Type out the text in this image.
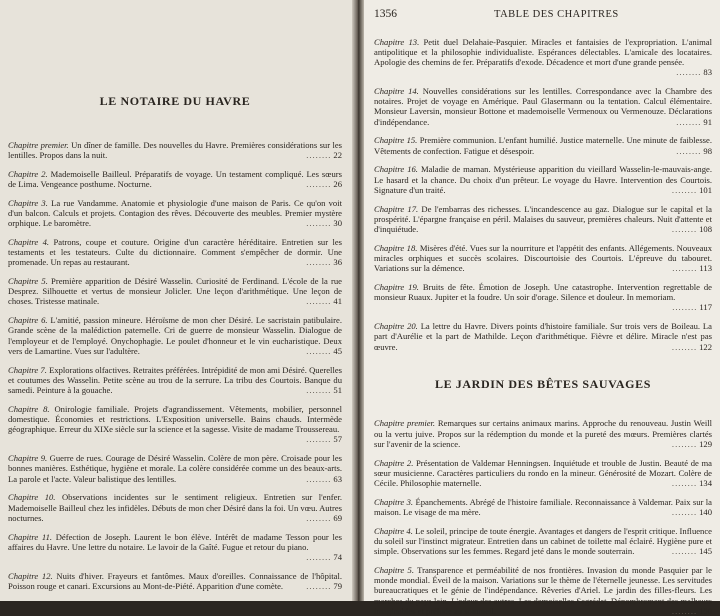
LE NOTAIRE DU HAVRE

Chapitre premier. Un dîner de famille. Des nouvelles du Havre. Premières considérations sur les lentilles. Propos dans la nuit.	..... 22

Chapitre 2. Mademoiselle Bailleul. Préparatifs de voyage. Un testament compliqué. Les sœurs de Lima. Vengeance posthume. Nocturne.	..... 26

Chapitre 3. La rue Vandamme. Anatomie et physiologie d'une maison de Paris. Ce qu'on voit d'un balcon. Calculs et projets. Contagion des rêves. Découverte des meubles. Premier mystère orphique. Le baromètre.	..... 30

Chapitre 4. Patrons, coupe et couture. Origine d'un caractère héréditaire. Entretien sur les testaments et les testateurs. Culte du dictionnaire. Comment s'empêcher de dormir. Une promenade. Un repas au restaurant.	..... 36

Chapitre 5. Première apparition de Désiré Wasselin. Curiosité de Ferdinand. L'école de la rue Desprez. Silhouette et vertus de monsieur Jolicler. Une leçon d'arithmétique. Une leçon de choses. Tristesse matinale.	..... 41

Chapitre 6. L'amitié, passion mineure. Héroïsme de mon cher Désiré. Le sacristain patibulaire. Grande scène de la malédiction paternelle. Cri de guerre de monsieur Wasselin. Dialogue de l'employeur et de l'employé. Onychophagie. Le poulet d'honneur et le vin eucharistique. Deux vers de Lamartine. Vues sur l'adultère.	..... 45

Chapitre 7. Explorations olfactives. Retraites préférées. Intrépidité de mon ami Désiré. Querelles et coutumes des Wasselin. Petite scène au trou de la serrure. La tribu des Courtois. Banque du samedi. Peinture à la gouache.	..... 51

Chapitre 8. Onirologie familiale. Projets d'agrandissement. Vêtements, mobilier, personnel domestique. Économies et restrictions. L'Exposition universelle. Bains chauds. Intermède géographique. Erreur du XIXe siècle sur la science et la sagesse. Visite de madame Troussereau.
..... 57

Chapitre 9. Guerre de rues. Courage de Désiré Wasselin. Colère de mon père. Croisade pour les bonnes manières. Esthétique, hygiène et morale. La colère considérée comme un des beaux-arts. La parole et l'acte. Valeur balistique des lentilles.	..... 63

Chapitre 10. Observations incidentes sur le sentiment religieux. Entretien sur l'enfer. Mademoiselle Bailleul chez les infidèles. Débuts de mon cher Désiré dans la foi. Un vœu. Autres nocturnes.	..... 69

Chapitre 11. Défection de Joseph. Laurent le bon élève. Intérêt de madame Tesson pour les affaires du Havre. Une lettre du notaire. Le lavoir de la Gaîté. Fugue et retour du piano.
..... 74

Chapitre 12. Nuits d'hiver. Frayeurs et fantômes. Maux d'oreilles. Connaissance de l'hôpital. Poisson rouge et canari. Excursions au Mont-de-Piété. Apparition d'une comète.	..... 79

1356	TABLE DES CHAPITRES

Chapitre 13. Petit duel Delahaie-Pasquier. Miracles et fantaisies de l'expropriation. L'animal antipolitique et la philosophie individualiste. Espérances délectables. L'amicale des locataires. Apologie des chemins de fer. Préparatifs d'exode. Décadence et mort d'une grande pensée.
..... 83

Chapitre 14. Nouvelles considérations sur les lentilles. Correspondance avec la Chambre des notaires. Projet de voyage en Amérique. Paul Glasermann ou la tentation. Calcul élémentaire. Monsieur Laversin, monsieur Bottone et mademoiselle Vermenoux ou Vermenouze. Déclarations d'indépendance.	..... 91

Chapitre 15. Première communion. L'enfant humilié. Justice maternelle. Une minute de faiblesse. Vêtements de confection. Fatigue et désespoir.	..... 98

Chapitre 16. Maladie de maman. Mystérieuse apparition du vieillard Wasselin-le-mauvais-ange. Le hasard et la chance. Du choix d'un prêteur. Le voyage du Havre. Intervention des Courtois. Signature d'un traité.	..... 101

Chapitre 17. De l'embarras des richesses. L'incandescence au gaz. Dialogue sur le capital et la prospérité. L'épargne française en péril. Malaises du sauveur, premières chaleurs. Nuit d'attente et d'inquiétude.	..... 108

Chapitre 18. Misères d'été. Vues sur la nourriture et l'appétit des enfants. Allégements. Nouveaux miracles orphiques et succès scolaires. Discourtoisie des Courtois. L'épreuve du tabouret. Variations sur la démence.	..... 113

Chapitre 19. Bruits de fête. Émotion de Joseph. Une catastrophe. Intervention regrettable de monsieur Ruaux. Jupiter et la foudre. Un soir d'orage. Silence et douleur. In memoriam.
..... 117

Chapitre 20. La lettre du Havre. Divers points d'histoire familiale. Sur trois vers de Boileau. La part d'Aurélie et la part de Mathilde. Leçon d'arithmétique. Fièvre et délire. Miracle n'est pas œuvre.	..... 122

LE JARDIN DES BÊTES SAUVAGES

Chapitre premier. Remarques sur certains animaux marins. Approche du renouveau. Justin Weill ou la vertu juive. Propos sur la rédemption du monde et la pureté des mœurs. Premières clartés sur l'avenir de la science.	..... 129

Chapitre 2. Présentation de Valdemar Henningsen. Inquiétude et trouble de Justin. Beauté de ma sœur musicienne. Caractères particuliers du rondo en la mineur. Générosité de Mozart. Colère de Cécile. Philosophie maternelle.	..... 134

Chapitre 3. Épanchements. Abrégé de l'histoire familiale. Reconnaissance à Valdemar. Paix sur la maison. Le visage de ma mère.	..... 140

Chapitre 4. Le soleil, principe de toute énergie. Avantages et dangers de l'esprit critique. Influence du soleil sur l'instinct migrateur. Entretien dans un cabinet de toilette mal éclairé. Hygiène pure et simple. Observations sur les femmes. Regard jeté dans le monde souterrain.	..... 145

Chapitre 5. Transparence et perméabilité de nos frontières. Invasion du monde Pasquier par le monde mondial. Éveil de la maison. Variations sur le thème de l'éternelle jeunesse. Les servitudes bureaucratiques et le génie de l'indépendance. Rêveries d'Ariel. Le jardin des filles-fleurs. Les marches du pays lain. L'odeur des autres. Les demoiselles Segrédat. Dénombrement des malheurs imaginables et prélude au sommeil.	..... 150
